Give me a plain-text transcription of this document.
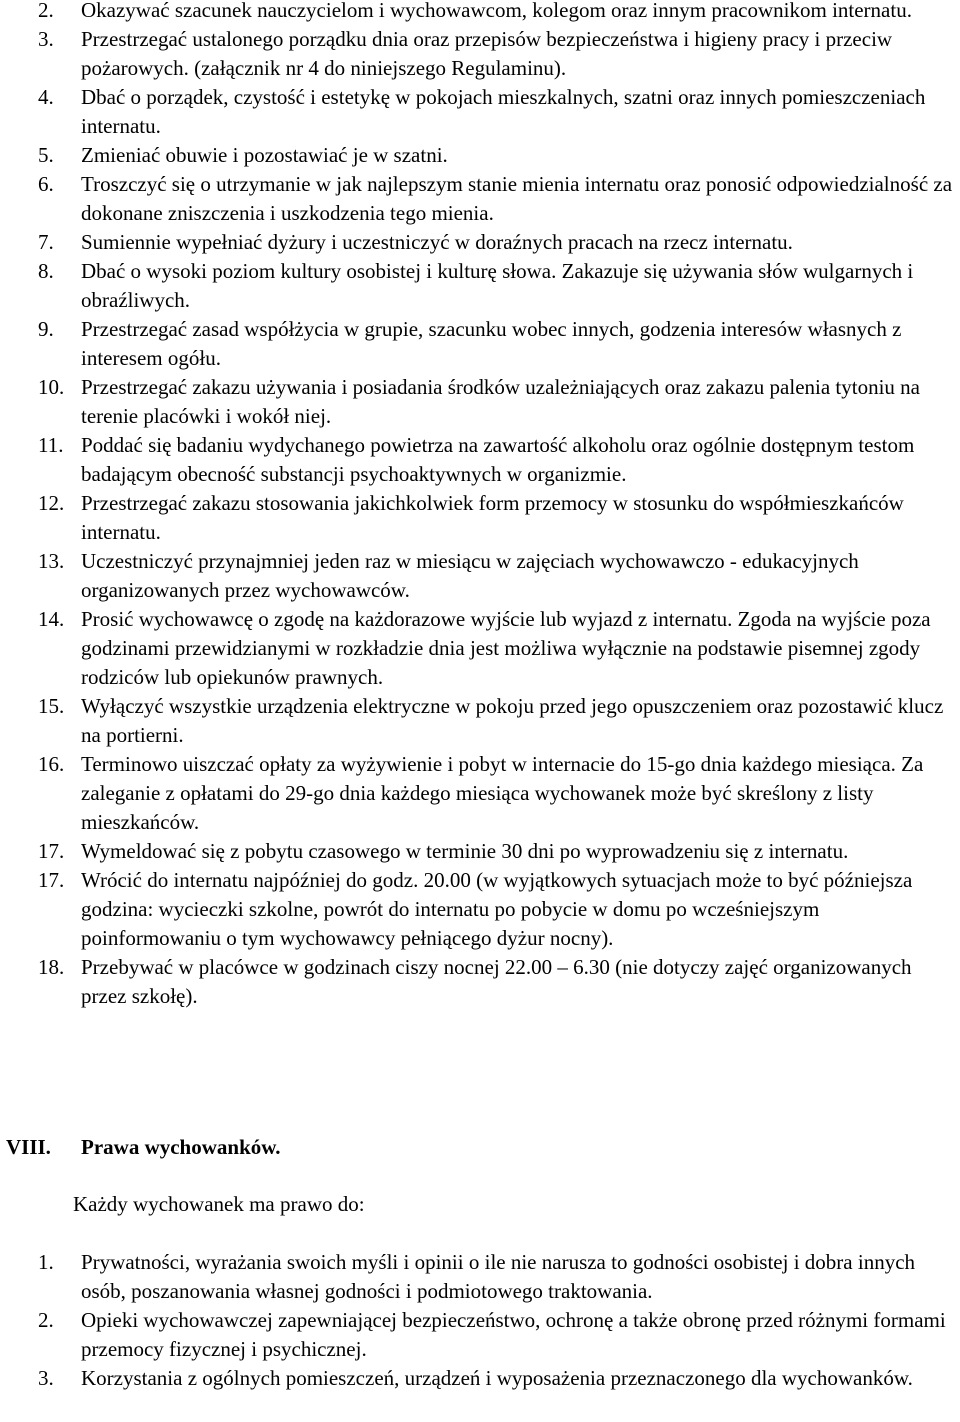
2. Okazywać szacunek nauczycielom i wychowawcom, kolegom oraz innym pracownikom internatu.
3. Przestrzegać ustalonego porządku dnia oraz przepisów bezpieczeństwa i higieny pracy i przeciw pożarowych. (załącznik nr 4 do niniejszego Regulaminu).
4. Dbać o porządek, czystość i estetykę w pokojach mieszkalnych, szatni oraz innych pomieszczeniach internatu.
5. Zmieniać obuwie i pozostawiać je w szatni.
6. Troszczyć się o utrzymanie w jak najlepszym stanie mienia internatu oraz ponosić odpowiedzialność za dokonane zniszczenia i uszkodzenia tego mienia.
7. Sumiennie wypełniać dyżury i uczestniczyć w doraźnych pracach na rzecz internatu.
8. Dbać o wysoki poziom kultury osobistej i kulturę słowa. Zakazuje się używania słów wulgarnych i obraźliwych.
9. Przestrzegać zasad współżycia w grupie, szacunku wobec innych, godzenia interesów własnych z interesem ogółu.
10. Przestrzegać zakazu używania i posiadania środków uzależniających oraz zakazu palenia tytoniu na terenie placówki i wokół niej.
11. Poddać się badaniu wydychanego powietrza na zawartość alkoholu oraz ogólnie dostępnym testom badającym obecność substancji psychoaktywnych w organizmie.
12. Przestrzegać zakazu stosowania jakichkolwiek form przemocy w stosunku do współmieszkańców internatu.
13. Uczestniczyć przynajmniej jeden raz w miesiącu w zajęciach wychowawczo - edukacyjnych organizowanych przez wychowawców.
14. Prosić wychowawcę o zgodę na każdorazowe wyjście lub wyjazd z internatu. Zgoda na wyjście poza godzinami przewidzianymi w rozkładzie dnia jest możliwa wyłącznie na podstawie pisemnej zgody rodziców lub opiekunów prawnych.
15. Wyłączyć wszystkie urządzenia elektryczne w pokoju przed jego opuszczeniem oraz pozostawić klucz na portierni.
16. Terminowo uiszczać opłaty za wyżywienie i pobyt w internacie do 15-go dnia każdego miesiąca. Za zaleganie z opłatami do 29-go dnia każdego miesiąca wychowanek może być skreślony z listy mieszkańców.
17. Wymeldować się z pobytu czasowego w terminie 30 dni po wyprowadzeniu się z internatu.
17. Wrócić do internatu najpóźniej do godz. 20.00 (w wyjątkowych sytuacjach może to być późniejsza godzina: wycieczki szkolne, powrót do internatu po pobycie w domu po wcześniejszym poinformowaniu o tym wychowawcy pełniącego dyżur nocny).
18. Przebywać w placówce w godzinach ciszy nocnej 22.00 – 6.30 (nie dotyczy zajęć organizowanych przez szkołę).
VIII. Prawa wychowanków.
Każdy wychowanek ma prawo do:
1. Prywatności, wyrażania swoich myśli i opinii o ile nie narusza to godności osobistej i dobra innych osób, poszanowania własnej godności i podmiotowego traktowania.
2. Opieki wychowawczej zapewniającej bezpieczeństwo, ochronę a także obronę przed różnymi formami przemocy fizycznej i psychicznej.
3. Korzystania z ogólnych pomieszczeń, urządzeń i wyposażenia przeznaczonego dla wychowanków.
